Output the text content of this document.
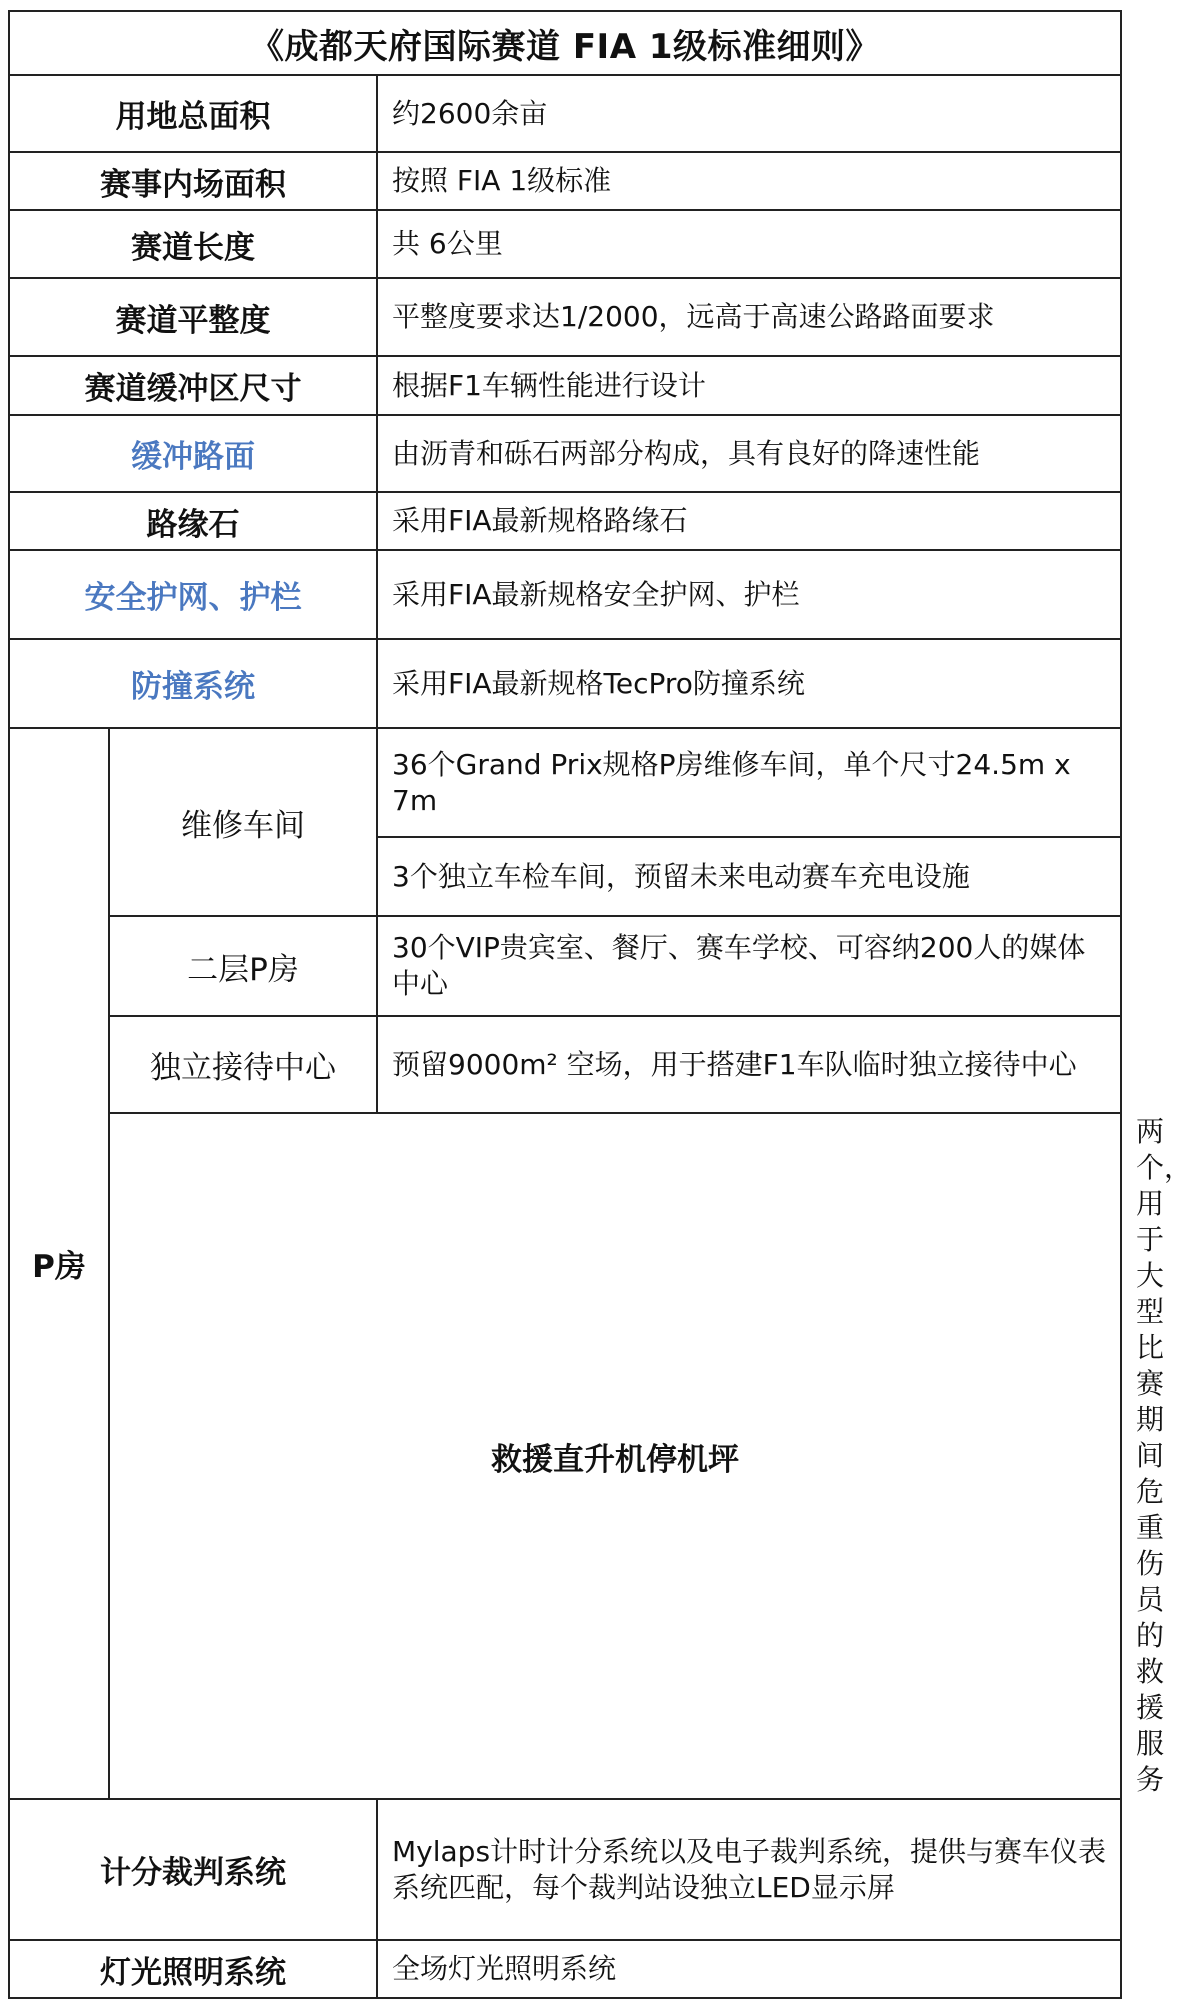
《成都天府国际赛道 FIA 1级标准细则》			
用地总面积		约2600余亩	
赛事内场面积		按照 FIA 1级标准	
赛道长度		共 6公里	
赛道平整度		平整度要求达1/2000，远高于高速公路路面要求	
赛道缓冲区尺寸		根据F1车辆性能进行设计	
缓冲路面		由沥青和砾石两部分构成，具有良好的降速性能	
路缘石		采用FIA最新规格路缘石	
安全护网、护栏		采用FIA最新规格安全护网、护栏	
防撞系统		采用FIA最新规格TecPro防撞系统	
P房	维修车间	36个Grand Prix规格P房维修车间，单个尺寸24.5m x 7m	
		3个独立车检车间，预留未来电动赛车充电设施	
	二层P房	30个VIP贵宾室、餐厅、赛车学校、可容纳200人的媒体中心	
	独立接待中心	预留9000m² 空场，用于搭建F1车队临时独立接待中心	
	救援直升机停机坪		两个，用于大型比赛期间危重伤员的救援服务
计分裁判系统		Mylaps计时计分系统以及电子裁判系统，提供与赛车仪表系统匹配，每个裁判站设独立LED显示屏	
灯光照明系统		全场灯光照明系统	
